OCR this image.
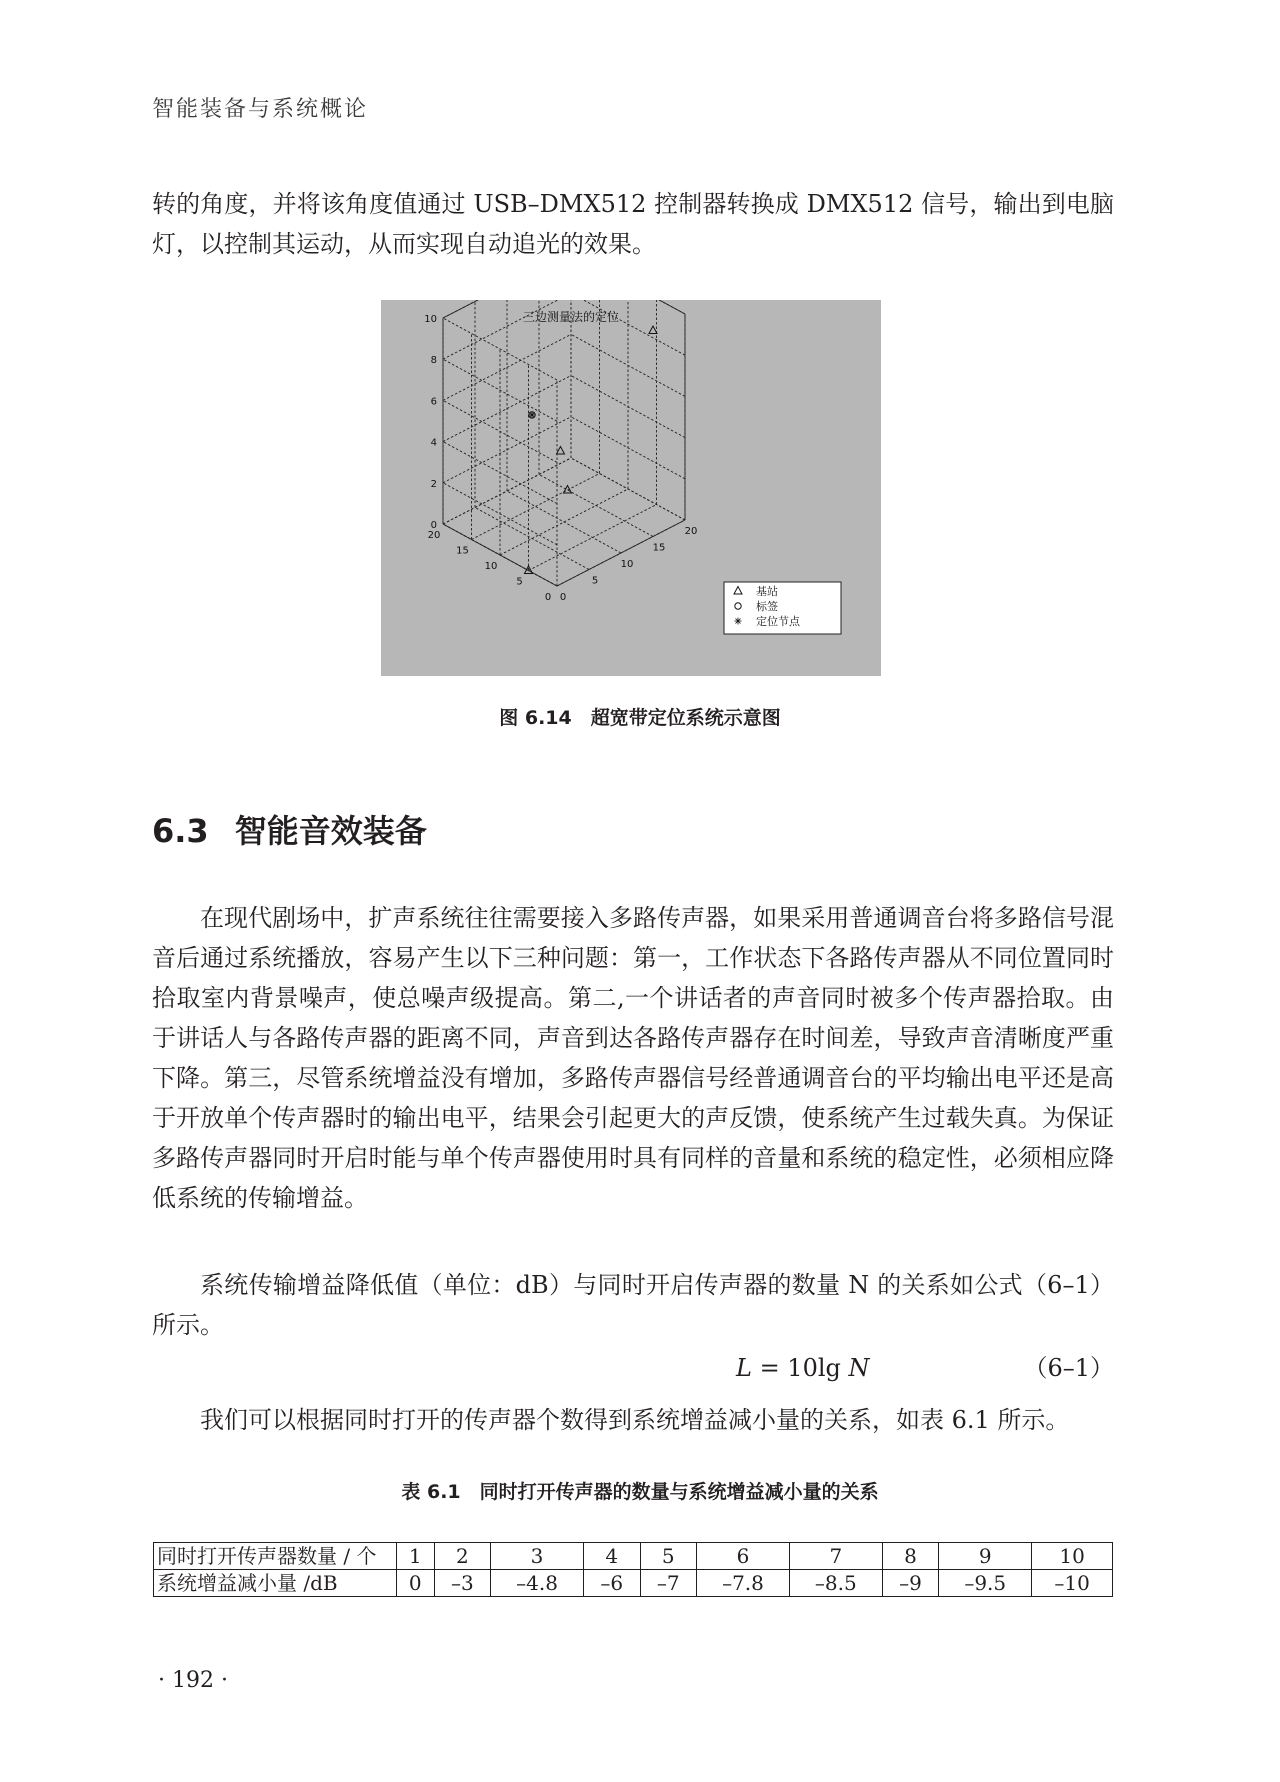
智能装备与系统概论

转的角度，并将该角度值通过 USB–DMX512 控制器转换成 DMX512 信号，输出到电脑灯，以控制其运动，从而实现自动追光的效果。

0
5
10
15
20
0
5
10
15
20
0
2
4
6
8
10	三边测量法的定位
基站
标签
定位节点
图 6.14　超宽带定位系统示意图
6.3 智能音效装备

在现代剧场中，扩声系统往往需要接入多路传声器，如果采用普通调音台将多路信号混音后通过系统播放，容易产生以下三种问题：第一，工作状态下各路传声器从不同位置同时拾取室内背景噪声，使总噪声级提高。第二,一个讲话者的声音同时被多个传声器拾取。由于讲话人与各路传声器的距离不同，声音到达各路传声器存在时间差，导致声音清晰度严重下降。第三，尽管系统增益没有增加，多路传声器信号经普通调音台的平均输出电平还是高于开放单个传声器时的输出电平，结果会引起更大的声反馈，使系统产生过载失真。为保证多路传声器同时开启时能与单个传声器使用时具有同样的音量和系统的稳定性，必须相应降低系统的传输增益。

系统传输增益降低值（单位：dB）与同时开启传声器的数量 N 的关系如公式（6–1）所示。

L = 10lg N	（6–1）

我们可以根据同时打开的传声器个数得到系统增益减小量的关系，如表 6.1 所示。

表 6.1　同时打开传声器的数量与系统增益减小量的关系
同时打开传声器数量 / 个	1	2	3	4	5	6	7	8	9	10
系统增益减小量 /dB	0	–3	–4.8	–6	–7	–7.8	–8.5	–9	–9.5	–10
· 192 ·
